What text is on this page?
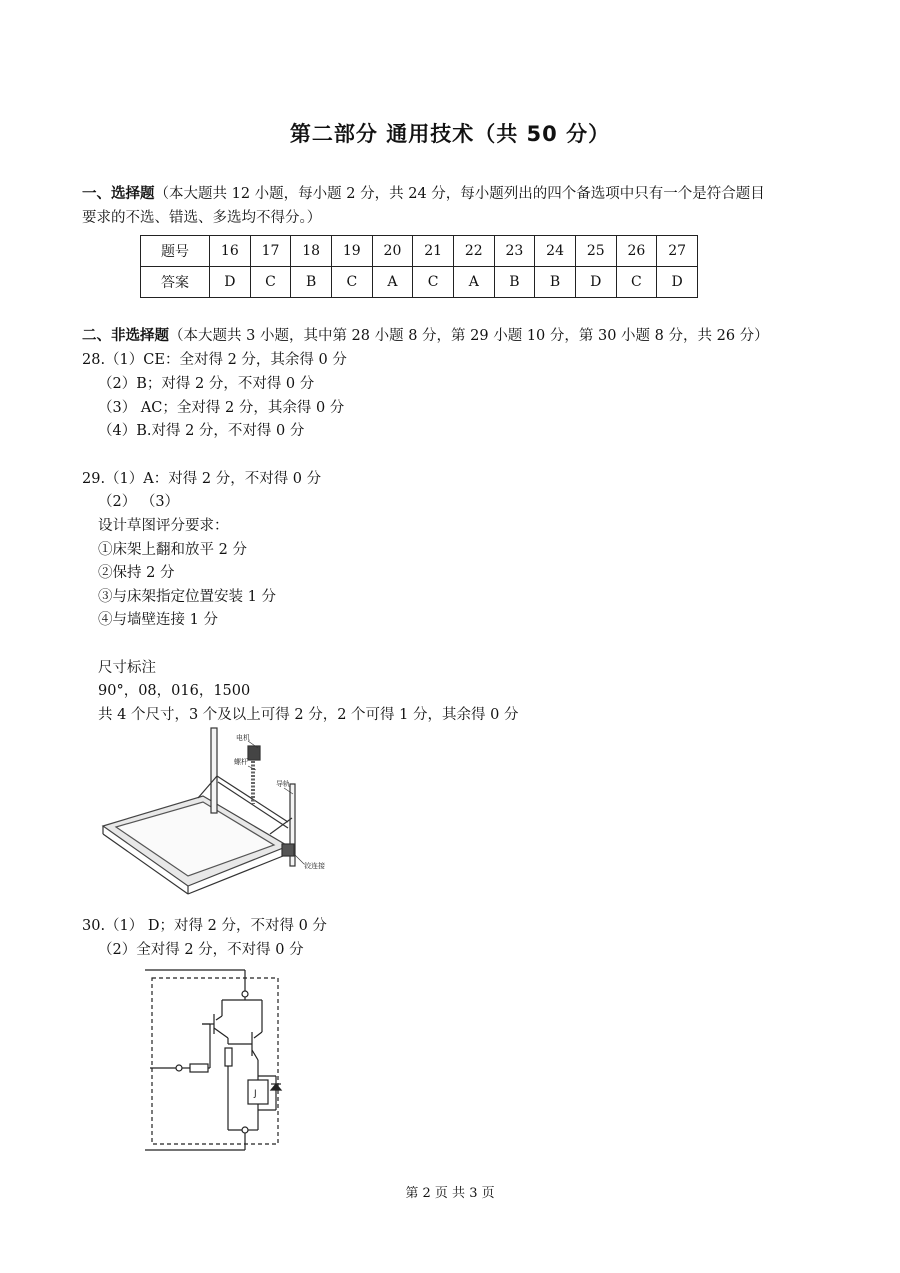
第二部分 通用技术（共 50 分）
一、选择题（本大题共 12 小题，每小题 2 分，共 24 分，每小题列出的四个备选项中只有一个是符合题目
要求的不选、错选、多选均不得分。）
题号	16	17	18	19	20	21	22	23	24	25	26	27
答案	D	C	B	C	A	C	A	B	B	D	C	D
二、非选择题（本大题共 3 小题，其中第 28 小题 8 分，第 29 小题 10 分，第 30 小题 8 分，共 26 分）
28.（1）CE：全对得 2 分，其余得 0 分
（2）B；对得 2 分，不对得 0 分
（3） AC；全对得 2 分，其余得 0 分
（4）B.对得 2 分，不对得 0 分
29.（1）A：对得 2 分，不对得 0 分
（2） （3）
设计草图评分要求：
①床架上翻和放平 2 分
②保持 2 分
③与床架指定位置安装 1 分
④与墙壁连接 1 分
尺寸标注
90°，08，016，1500
共 4 个尺寸，3 个及以上可得 2 分，2 个可得 1 分，其余得 0 分
电机
螺杆
导轨
铰连接
30.（1） D；对得 2 分，不对得 0 分
（2）全对得 2 分，不对得 0 分
J
第 2 页 共 3 页
